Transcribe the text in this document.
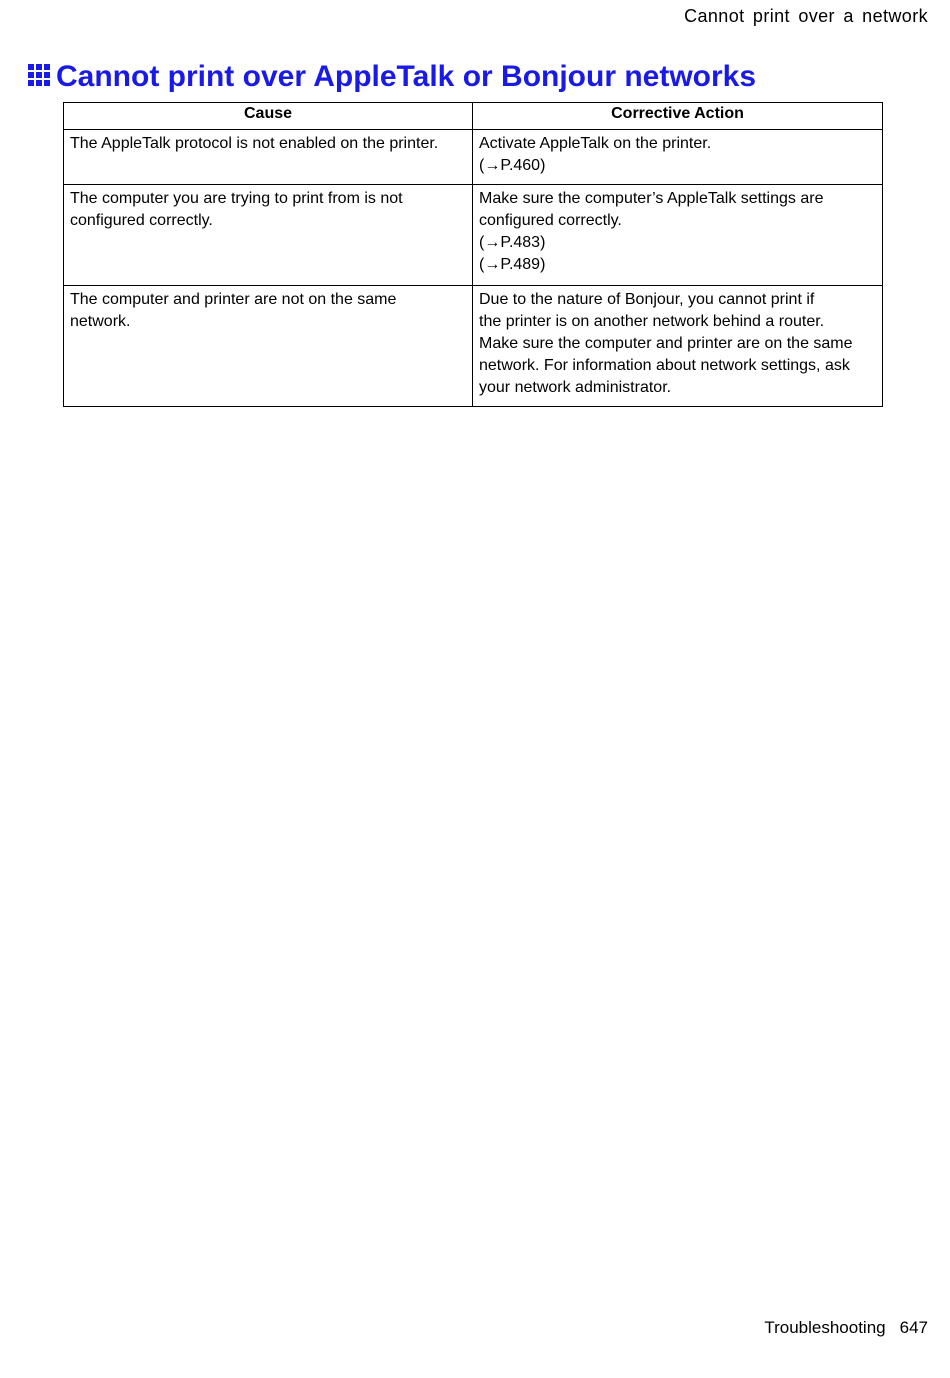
Cannot print over a network
Cannot print over AppleTalk or Bonjour networks
Cause	Corrective Action

The AppleTalk protocol is not enabled on the printer.	Activate AppleTalk on the printer.
(→P.460)

The computer you are trying to print from is not
configured correctly.	Make sure the computer’s AppleTalk settings are
configured correctly.
(→P.483)
(→P.489)

The computer and printer are not on the same
network.	Due to the nature of Bonjour, you cannot print if
the printer is on another network behind a router.
Make sure the computer and printer are on the same
network. For information about network settings, ask
your network administrator.
Troubleshooting 647
